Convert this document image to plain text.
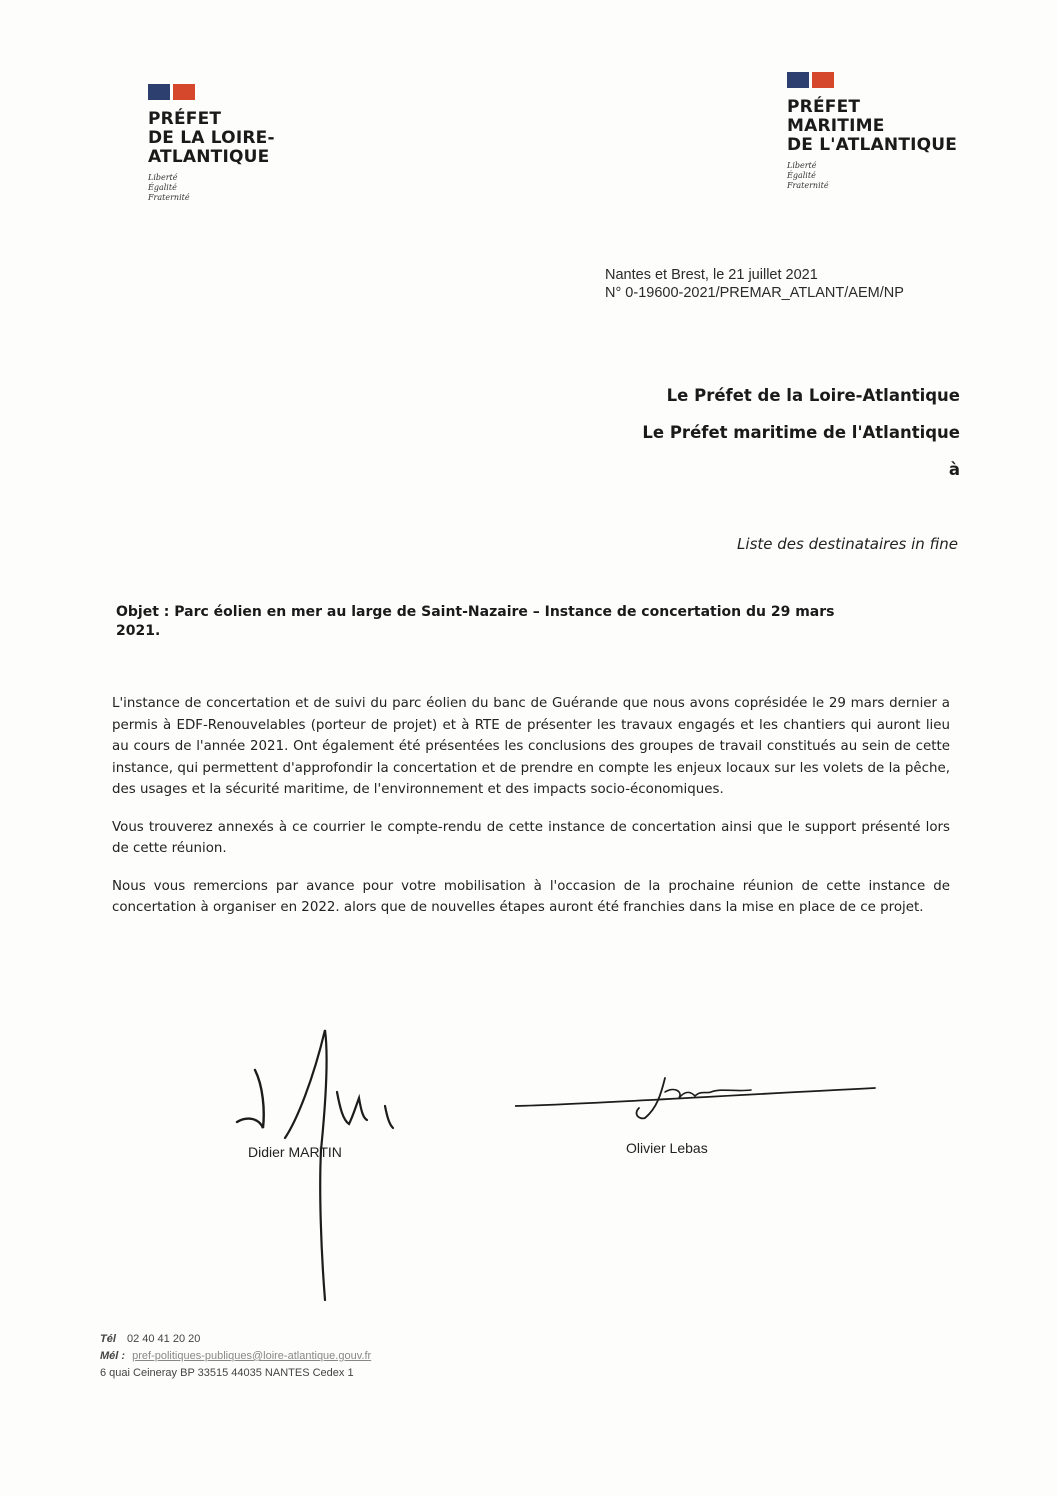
PRÉFET
DE LA LOIRE-
ATLANTIQUE
Liberté
Égalité
Fraternité
PRÉFET
MARITIME
DE L'ATLANTIQUE
Liberté
Égalité
Fraternité
Nantes et Brest, le 21 juillet 2021
N° 0-19600-2021/PREMAR_ATLANT/AEM/NP
Le Préfet de la Loire-Atlantique
Le Préfet maritime de l'Atlantique
à
Liste des destinataires in fine
Objet : Parc éolien en mer au large de Saint-Nazaire – Instance de concertation du 29 mars
2021.

L'instance de concertation et de suivi du parc éolien du banc de Guérande que nous avons coprésidée le 29 mars dernier a permis à EDF-Renouvelables (porteur de projet) et à RTE de présenter les travaux engagés et les chantiers qui auront lieu au cours de l'année 2021. Ont également été présentées les conclusions des groupes de travail constitués au sein de cette instance, qui permettent d'approfondir la concertation et de prendre en compte les enjeux locaux sur les volets de la pêche, des usages et la sécurité maritime, de l'environnement et des impacts socio-économiques.

Vous trouverez annexés à ce courrier le compte-rendu de cette instance de concertation ainsi que le support présenté lors de cette réunion.

Nous vous remercions par avance pour votre mobilisation à l'occasion de la prochaine réunion de cette instance de concertation à organiser en 2022. alors que de nouvelles étapes auront été franchies dans la mise en place de ce projet.

Didier MARTIN	Olivier Lebas
Tél 02 40 41 20 20
Mél : pref-politiques-publiques@loire-atlantique.gouv.fr
6 quai Ceineray BP 33515 44035 NANTES Cedex 1
